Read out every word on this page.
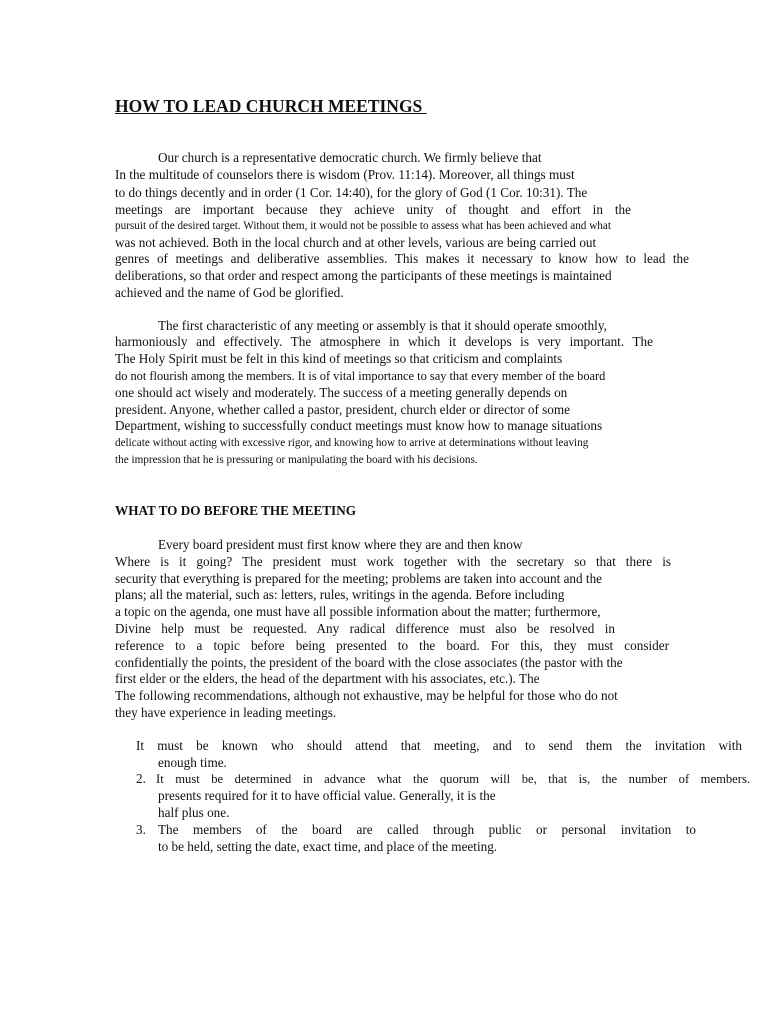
HOW TO LEAD CHURCH MEETINGS
Our church is a representative democratic church. We firmly believe that
In the multitude of counselors there is wisdom (Prov. 11:14). Moreover, all things must
to do things decently and in order (1 Cor. 14:40), for the glory of God (1 Cor. 10:31). The
meetings are important because they achieve unity of thought and effort in the
pursuit of the desired target. Without them, it would not be possible to assess what has been achieved and what
was not achieved. Both in the local church and at other levels, various are being carried out
genres of meetings and deliberative assemblies. This makes it necessary to know how to lead the
deliberations, so that order and respect among the participants of these meetings is maintained
achieved and the name of God be glorified.
The first characteristic of any meeting or assembly is that it should operate smoothly,
harmoniously and effectively. The atmosphere in which it develops is very important. The
The Holy Spirit must be felt in this kind of meetings so that criticism and complaints
do not flourish among the members. It is of vital importance to say that every member of the board
one should act wisely and moderately. The success of a meeting generally depends on
president. Anyone, whether called a pastor, president, church elder or director of some
Department, wishing to successfully conduct meetings must know how to manage situations
delicate without acting with excessive rigor, and knowing how to arrive at determinations without leaving
the impression that he is pressuring or manipulating the board with his decisions.
WHAT TO DO BEFORE THE MEETING
Every board president must first know where they are and then know
Where is it going? The president must work together with the secretary so that there is
security that everything is prepared for the meeting; problems are taken into account and the
plans; all the material, such as: letters, rules, writings in the agenda. Before including
a topic on the agenda, one must have all possible information about the matter; furthermore,
Divine help must be requested. Any radical difference must also be resolved in
reference to a topic before being presented to the board. For this, they must consider
confidentially the points, the president of the board with the close associates (the pastor with the
first elder or the elders, the head of the department with his associates, etc.). The
The following recommendations, although not exhaustive, may be helpful for those who do not
they have experience in leading meetings.
It must be known who should attend that meeting, and to send them the invitation with
enough time.
2. It must be determined in advance what the quorum will be, that is, the number of members.
presents required for it to have official value. Generally, it is the
half plus one.
3. The members of the board are called through public or personal invitation to
to be held, setting the date, exact time, and place of the meeting.
